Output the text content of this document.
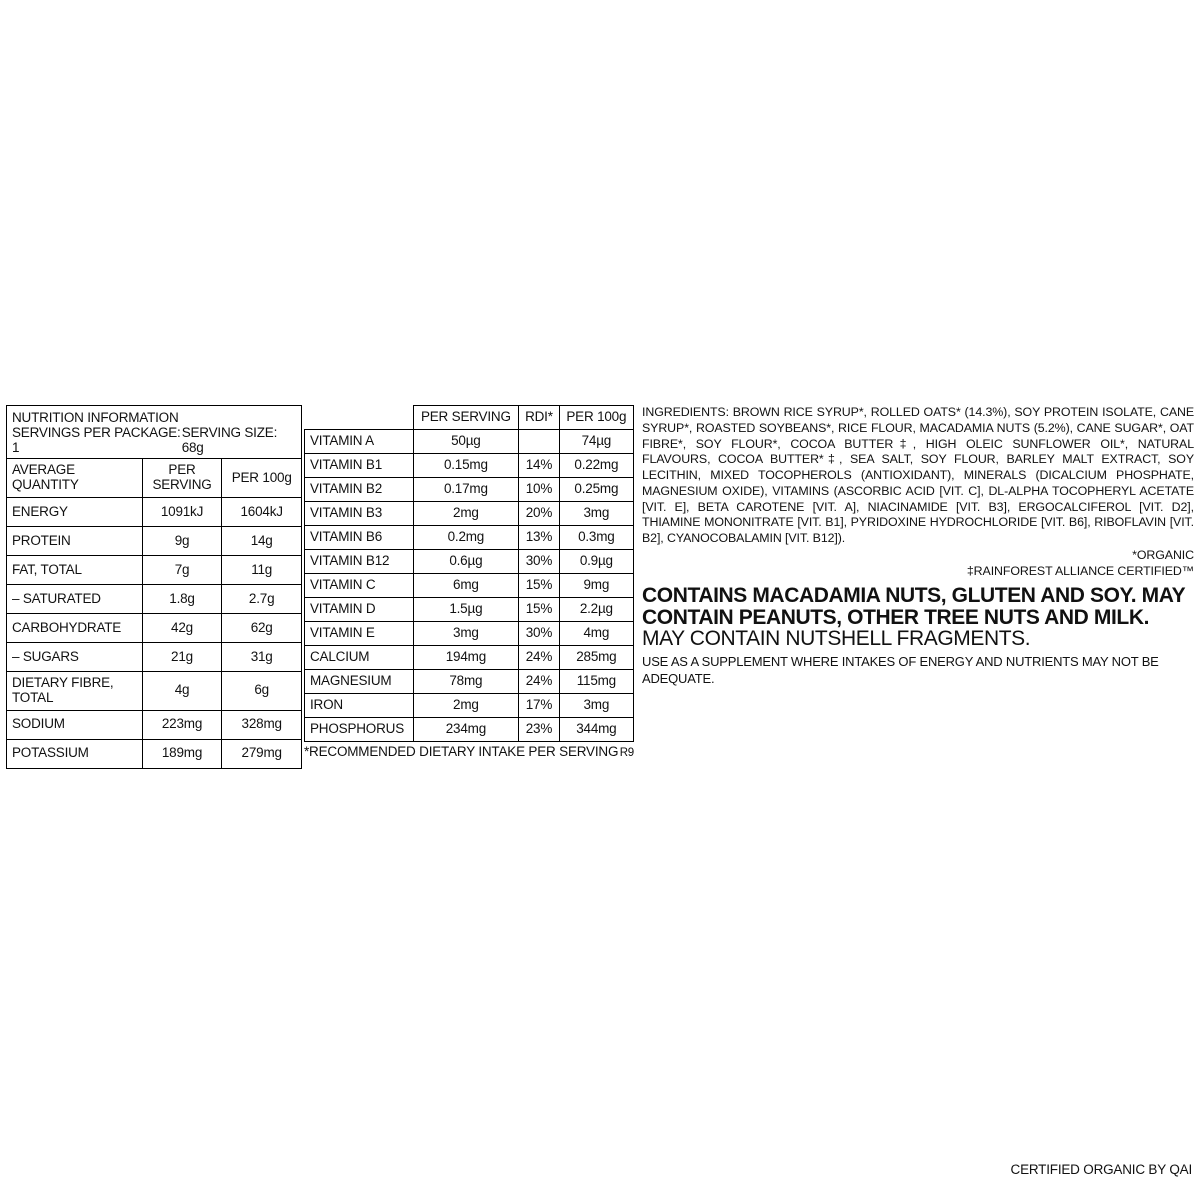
NUTRITION INFORMATION
SERVINGS PER PACKAGE: 1
SERVING SIZE: 68g
AVERAGE QUANTITY	PER SERVING	PER 100g
ENERGY	1091kJ	1604kJ
PROTEIN	9g	14g
FAT, TOTAL	7g	11g
– SATURATED	1.8g	2.7g
CARBOHYDRATE	42g	62g
– SUGARS	21g	31g
DIETARY FIBRE, TOTAL	4g	6g
SODIUM	223mg	328mg
POTASSIUM	189mg	279mg
	PER SERVING	RDI*	PER 100g
VITAMIN A	50µg		74µg
VITAMIN B1	0.15mg	14%	0.22mg
VITAMIN B2	0.17mg	10%	0.25mg
VITAMIN B3	2mg	20%	3mg
VITAMIN B6	0.2mg	13%	0.3mg
VITAMIN B12	0.6µg	30%	0.9µg
VITAMIN C	6mg	15%	9mg
VITAMIN D	1.5µg	15%	2.2µg
VITAMIN E	3mg	30%	4mg
CALCIUM	194mg	24%	285mg
MAGNESIUM	78mg	24%	115mg
IRON	2mg	17%	3mg
PHOSPHORUS	234mg	23%	344mg
*RECOMMENDED DIETARY INTAKE PER SERVING R9
INGREDIENTS: BROWN RICE SYRUP*, ROLLED OATS* (14.3%), SOY PROTEIN ISOLATE, CANE SYRUP*, ROASTED SOYBEANS*, RICE FLOUR, MACADAMIA NUTS (5.2%), CANE SUGAR*, OAT FIBRE*, SOY FLOUR*, COCOA BUTTER‡, HIGH OLEIC SUNFLOWER OIL*, NATURAL FLAVOURS, COCOA BUTTER*‡, SEA SALT, SOY FLOUR, BARLEY MALT EXTRACT, SOY LECITHIN, MIXED TOCOPHEROLS (ANTIOXIDANT), MINERALS (DICALCIUM PHOSPHATE, MAGNESIUM OXIDE), VITAMINS (ASCORBIC ACID [VIT. C], DL-ALPHA TOCOPHERYL ACETATE [VIT. E], BETA CAROTENE [VIT. A], NIACINAMIDE [VIT. B3], ERGOCALCIFEROL [VIT. D2], THIAMINE MONONITRATE [VIT. B1], PYRIDOXINE HYDROCHLORIDE [VIT. B6], RIBOFLAVIN [VIT. B2], CYANOCOBALAMIN [VIT. B12]).
*ORGANIC
‡RAINFOREST ALLIANCE CERTIFIED™
CONTAINS MACADAMIA NUTS, GLUTEN AND SOY. MAY CONTAIN PEANUTS, OTHER TREE NUTS AND MILK. MAY CONTAIN NUTSHELL FRAGMENTS.
USE AS A SUPPLEMENT WHERE INTAKES OF ENERGY AND NUTRIENTS MAY NOT BE ADEQUATE.
CERTIFIED ORGANIC BY QAI
